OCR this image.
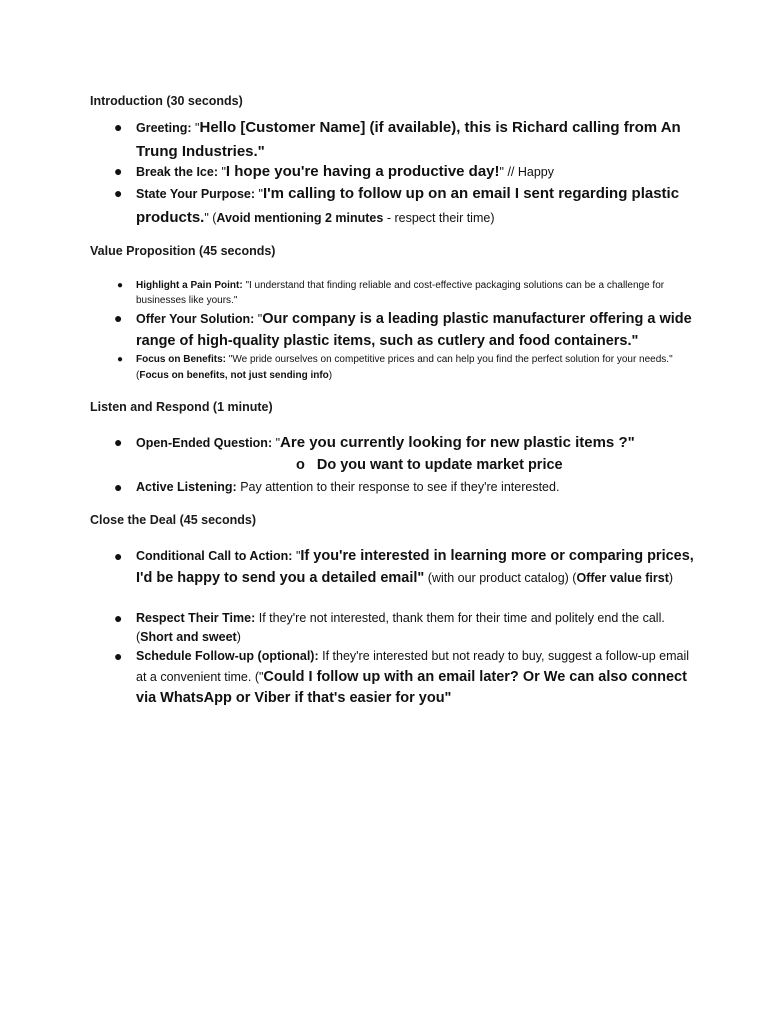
Introduction (30 seconds)
● Greeting: "Hello [Customer Name] (if available), this is Richard calling from An Trung Industries."
● Break the Ice: "I hope you're having a productive day!" // Happy
● State Your Purpose: "I'm calling to follow up on an email I sent regarding plastic products." (Avoid mentioning 2 minutes - respect their time)
Value Proposition (45 seconds)
● Highlight a Pain Point: "I understand that finding reliable and cost-effective packaging solutions can be a challenge for businesses like yours."
● Offer Your Solution: "Our company is a leading plastic manufacturer offering a wide range of high-quality plastic items, such as cutlery and food containers."
● Focus on Benefits: "We pride ourselves on competitive prices and can help you find the perfect solution for your needs." (Focus on benefits, not just sending info)
Listen and Respond (1 minute)
● Open-Ended Question: "Are you currently looking for new plastic items ?"
o Do you want to update market price
● Active Listening: Pay attention to their response to see if they're interested.
Close the Deal (45 seconds)
● Conditional Call to Action: "If you're interested in learning more or comparing prices, I'd be happy to send you a detailed email" (with our product catalog) (Offer value first)
● Respect Their Time: If they're not interested, thank them for their time and politely end the call. (Short and sweet)
● Schedule Follow-up (optional): If they're interested but not ready to buy, suggest a follow-up email at a convenient time. ("Could I follow up with an email later? Or We can also connect via WhatsApp or Viber if that's easier for you"
